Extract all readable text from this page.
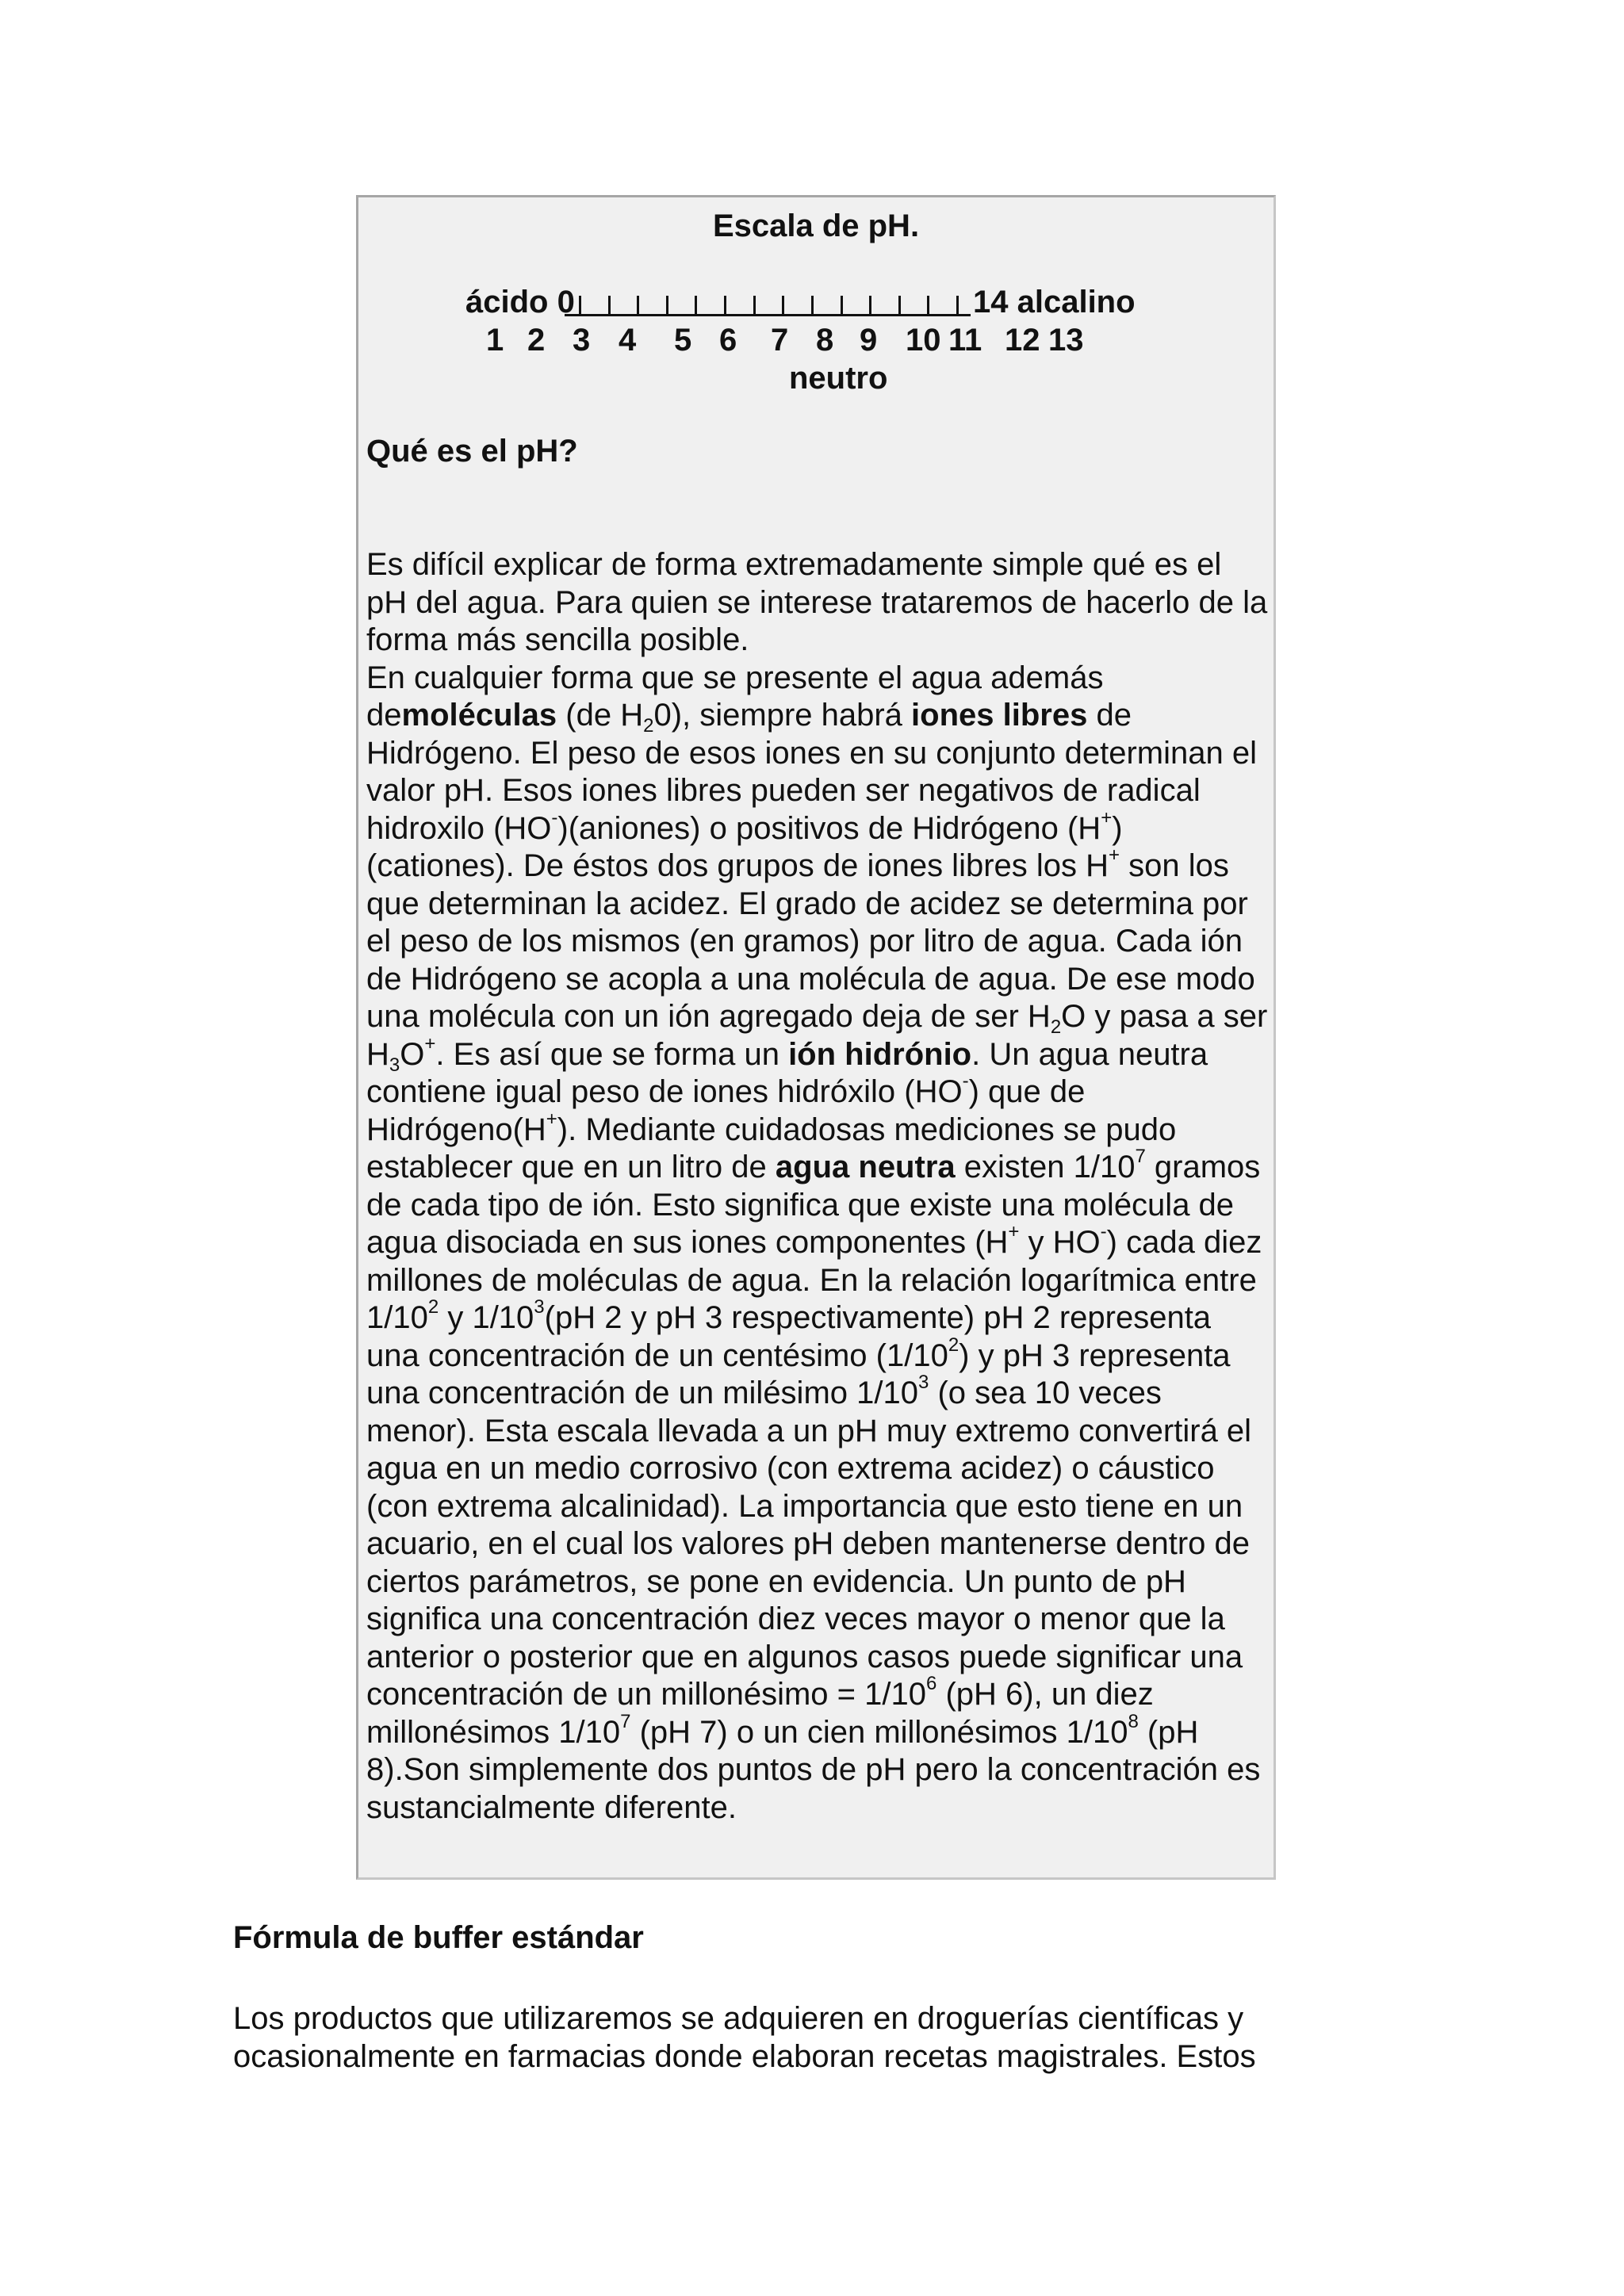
Escala de pH.
ácido 0	14 alcalino
1 2 3 4 5 6 7 8 9 10 11 12 13
neutro
Qué es el pH?

Es difícil explicar de forma extremadamente simple qué es el pH del agua. Para quien se interese trataremos de hacerlo de la forma más sencilla posible.

En cualquier forma que se presente el agua además demoléculas (de $H_20$), siempre habrá iones libres de Hidrógeno. El peso de esos iones en su conjunto determinan el valor pH. Esos iones libres pueden ser negativos de radical hidroxilo (HO-)(aniones) o positivos de Hidrógeno (H+) (cationes). De éstos dos grupos de iones libres los H+ son los que determinan la acidez. El grado de acidez se determina por el peso de los mismos (en gramos) por litro de agua. Cada ión de Hidrógeno se acopla a una molécula de agua. De ese modo una molécula con un ión agregado deja de ser $H_2O$ y pasa a ser $H_3O^+$. Es así que se forma un ión hidrónio. Un agua neutra contiene igual peso de iones hidróxilo (HO-) que de Hidrógeno(H+). Mediante cuidadosas mediciones se pudo establecer que en un litro de agua neutra existen $1/10^7$ gramos de cada tipo de ión. Esto significa que existe una molécula de agua disociada en sus iones componentes (H+ y HO-) cada diez millones de moléculas de agua. En la relación logarítmica entre $1/10^2$ y $1/10^3(pH$ 2 y pH 3 respectivamente) pH 2 representa una concentración de un centésimo $(1/10^2)$ y pH 3 representa una concentración de un milésimo $1/10^3$ (o sea 10 veces menor). Esta escala llevada a un pH muy extremo convertirá el agua en un medio corrosivo (con extrema acidez) o cáustico (con extrema alcalinidad). La importancia que esto tiene en un acuario, en el cual los valores pH deben mantenerse dentro de ciertos parámetros, se pone en evidencia. Un punto de pH significa una concentración diez veces mayor o menor que la anterior o posterior que en algunos casos puede significar una concentración de un millonésimo = $1/10^6$ (pH 6), un diez millonésimos $1/10^7$ (pH 7) o un cien millonésimos $1/10^8$ (pH 8).Son simplemente dos puntos de pH pero la concentración es sustancialmente diferente.

Fórmula de buffer estándar

Los productos que utilizaremos se adquieren en droguerías científicas y ocasionalmente en farmacias donde elaboran recetas magistrales. Estos
